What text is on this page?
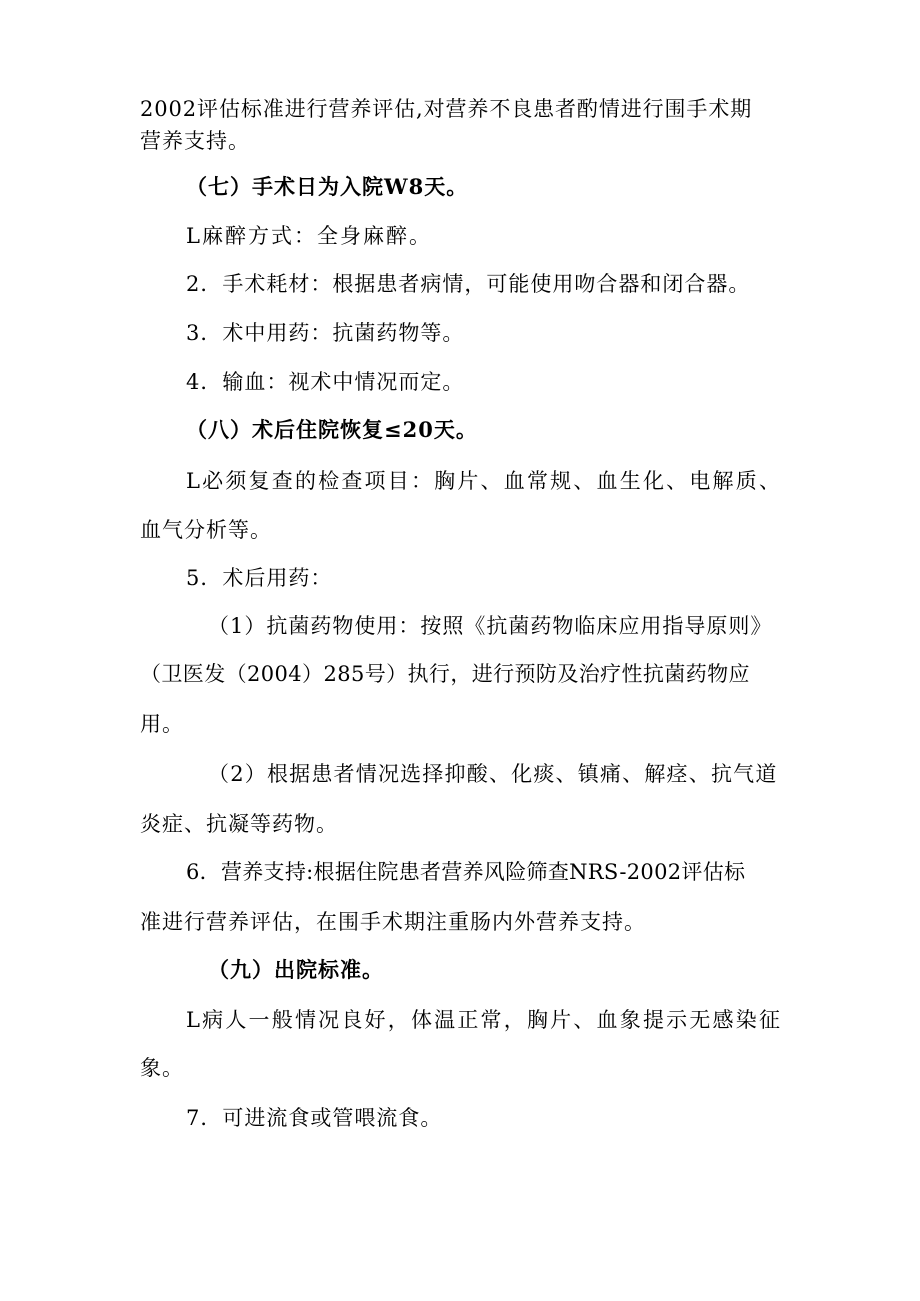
2002评估标准进行营养评估,对营养不良患者酌情进行围手术期
营养支持。
（七）手术日为入院W8天。
L麻醉方式：全身麻醉。
2．手术耗材：根据患者病情，可能使用吻合器和闭合器。
3．术中用药：抗菌药物等。
4．输血：视术中情况而定。
（八）术后住院恢复≤20天。
L必须复查的检查项目：胸片、血常规、血生化、电解质、
血气分析等。
5．术后用药：
（1）抗菌药物使用：按照《抗菌药物临床应用指导原则》
（卫医发（2004）285号）执行，进行预防及治疗性抗菌药物应
用。
（2）根据患者情况选择抑酸、化痰、镇痛、解痉、抗气道
炎症、抗凝等药物。
6．营养支持:根据住院患者营养风险筛查NRS-2002评估标
准进行营养评估，在围手术期注重肠内外营养支持。
（九）出院标准。
L病人一般情况良好，体温正常，胸片、血象提示无感染征
象。
7．可进流食或管喂流食。
